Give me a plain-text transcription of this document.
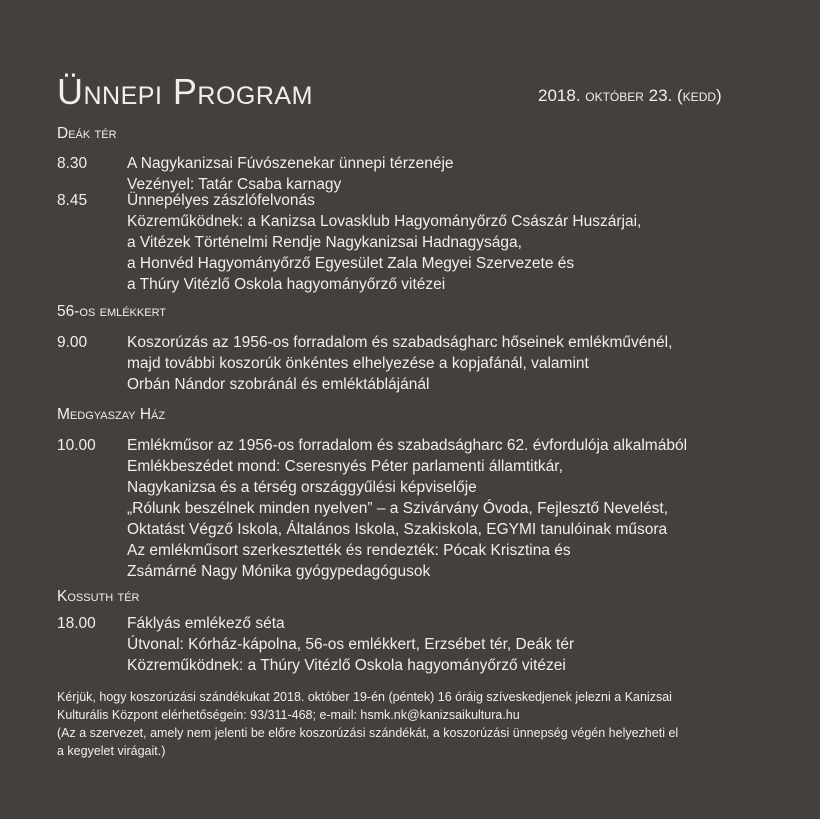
Ünnepi Program	2018. október 23. (kedd)
Deák tér
8.30	A Nagykanizsai Fúvószenekar ünnepi térzenéje
Vezényel: Tatár Csaba karnagy
8.45	Ünnepélyes zászlófelvonás
Közreműködnek: a Kanizsa Lovasklub Hagyományőrző Császár Huszárjai,
a Vitézek Történelmi Rendje Nagykanizsai Hadnagysága,
a Honvéd Hagyományőrző Egyesület Zala Megyei Szervezete és
a Thúry Vitézlő Oskola hagyományőrző vitézei
56-os emlékkert
9.00	Koszorúzás az 1956-os forradalom és szabadságharc hőseinek emlékművénél,
majd további koszorúk önkéntes elhelyezése a kopjafánál, valamint
Orbán Nándor szobránál és emléktáblájánál
Medgyaszay Ház
10.00 Emlékműsor az 1956-os forradalom és szabadságharc 62. évfordulója alkalmából
Emlékbeszédet mond: Cseresnyés Péter parlamenti államtitkár,
Nagykanizsa és a térség országgyűlési képviselője
„Rólunk beszélnek minden nyelven” – a Szivárvány Óvoda, Fejlesztő Nevelést,
Oktatást Végző Iskola, Általános Iskola, Szakiskola, EGYMI tanulóinak műsora
Az emlékműsort szerkesztették és rendezték: Pócak Krisztina és
Zsámárné Nagy Mónika gyógypedagógusok
Kossuth tér
18.00 Fáklyás emlékező séta
Útvonal: Kórház-kápolna, 56-os emlékkert, Erzsébet tér, Deák tér
Közreműködnek: a Thúry Vitézlő Oskola hagyományőrző vitézei
Kérjük, hogy koszorúzási szándékukat 2018. október 19-én (péntek) 16 óráig szíveskedjenek jelezni a Kanizsai
Kulturális Központ elérhetőségein: 93/311-468; e-mail: hsmk.nk@kanizsaikultura.hu
(Az a szervezet, amely nem jelenti be előre koszorúzási szándékát, a koszorúzási ünnepség végén helyezheti el
a kegyelet virágait.)
